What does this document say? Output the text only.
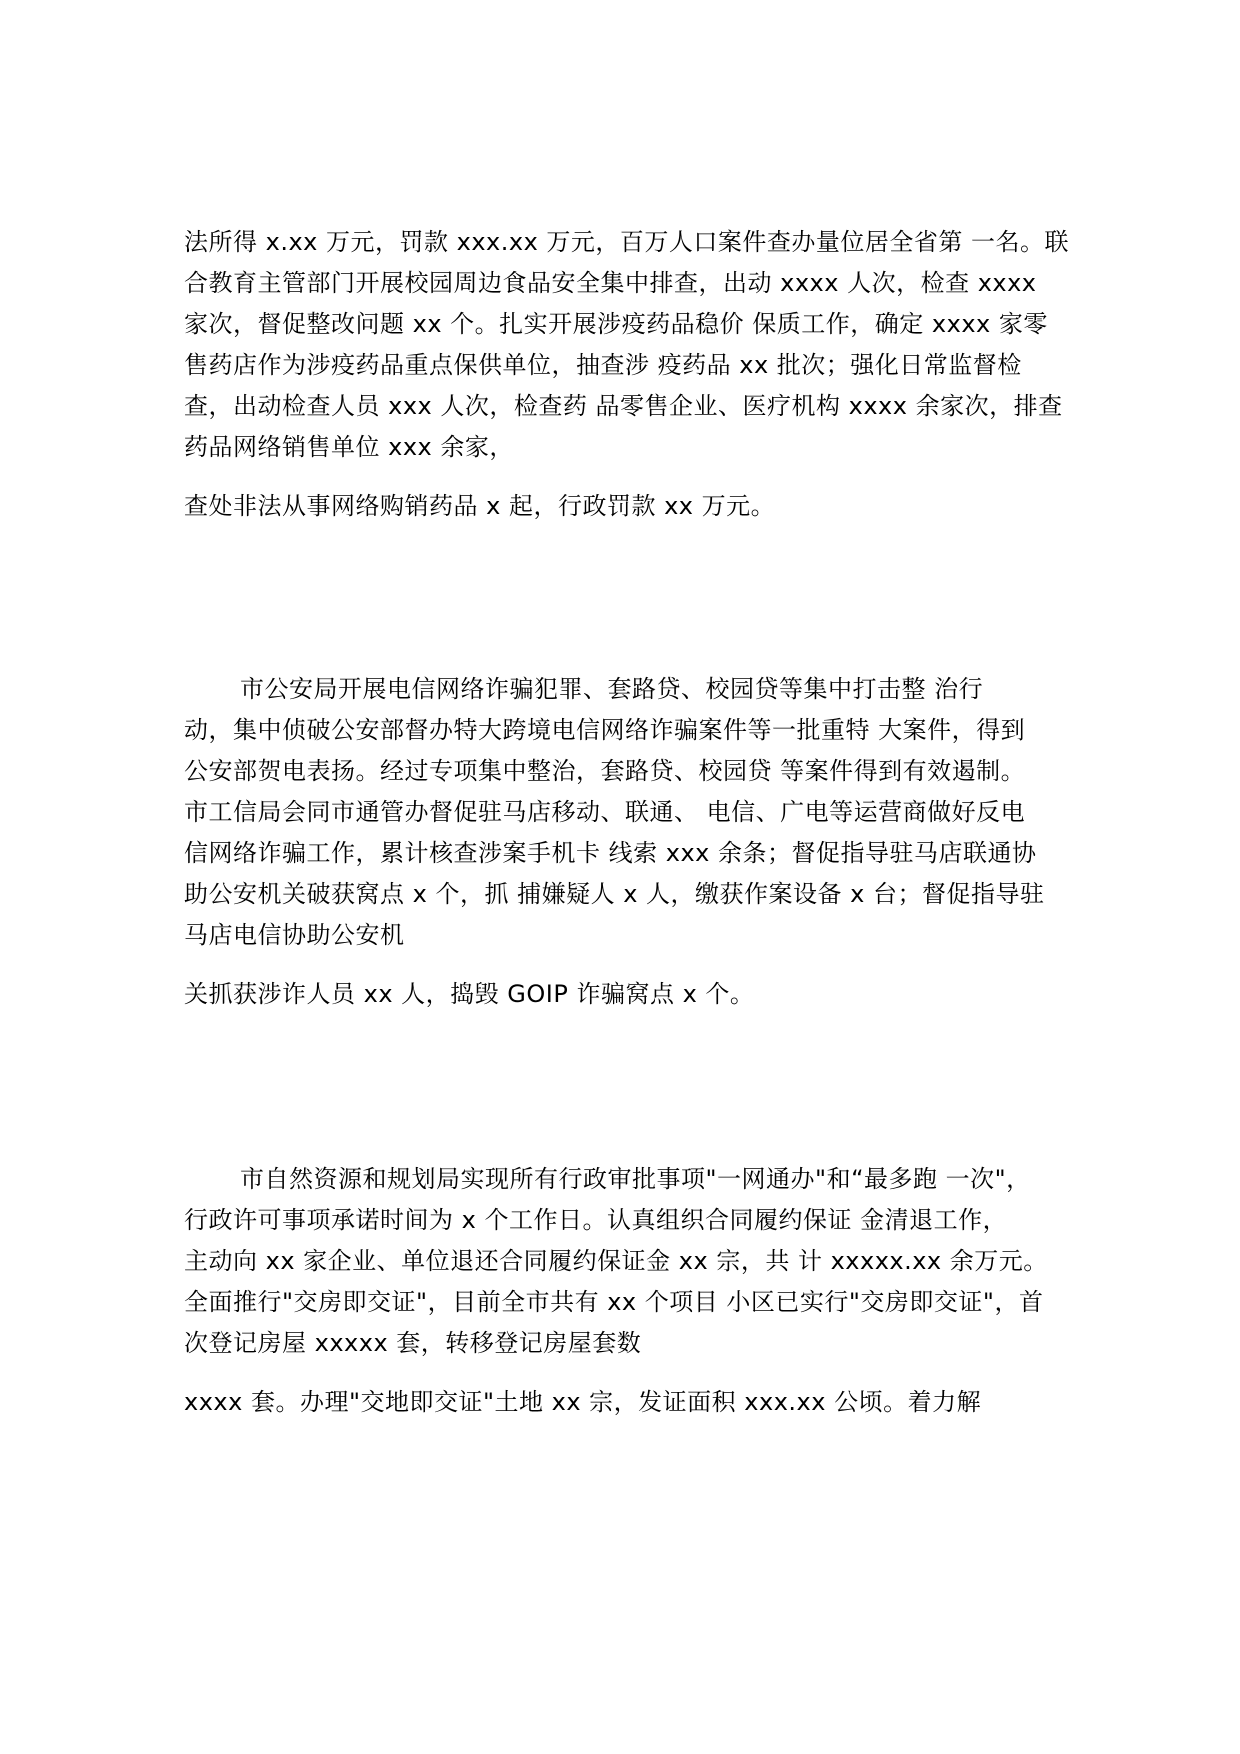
法所得 x.xx 万元，罚款 xxx.xx 万元，百万人口案件查办量位居全省第 一名。联
合教育主管部门开展校园周边食品安全集中排查，出动 xxxx 人次，检查 xxxx
家次，督促整改问题 xx 个。扎实开展涉疫药品稳价 保质工作，确定 xxxx 家零
售药店作为涉疫药品重点保供单位，抽查涉 疫药品 xx 批次；强化日常监督检
查，出动检查人员 xxx 人次，检查药 品零售企业、医疗机构 xxxx 余家次，排查
药品网络销售单位 xxx 余家，
查处非法从事网络购销药品 x 起，行政罚款 xx 万元。
市公安局开展电信网络诈骗犯罪、套路贷、校园贷等集中打击整 治行
动，集中侦破公安部督办特大跨境电信网络诈骗案件等一批重特 大案件，得到
公安部贺电表扬。经过专项集中整治，套路贷、校园贷 等案件得到有效遏制。
市工信局会同市通管办督促驻马店移动、联通、 电信、广电等运营商做好反电
信网络诈骗工作，累计核查涉案手机卡 线索 xxx 余条；督促指导驻马店联通协
助公安机关破获窝点 x 个，抓 捕嫌疑人 x 人，缴获作案设备 x 台；督促指导驻
马店电信协助公安机
关抓获涉诈人员 xx 人，捣毁 GOIP 诈骗窝点 x 个。
市自然资源和规划局实现所有行政审批事项"一网通办"和“最多跑 一次"，
行政许可事项承诺时间为 x 个工作日。认真组织合同履约保证 金清退工作，
主动向 xx 家企业、单位退还合同履约保证金 xx 宗，共 计 xxxxx.xx 余万元。
全面推行"交房即交证"，目前全市共有 xx 个项目 小区已实行"交房即交证"，首
次登记房屋 xxxxx 套，转移登记房屋套数
xxxx 套。办理"交地即交证"土地 xx 宗，发证面积 xxx.xx 公顷。着力解
